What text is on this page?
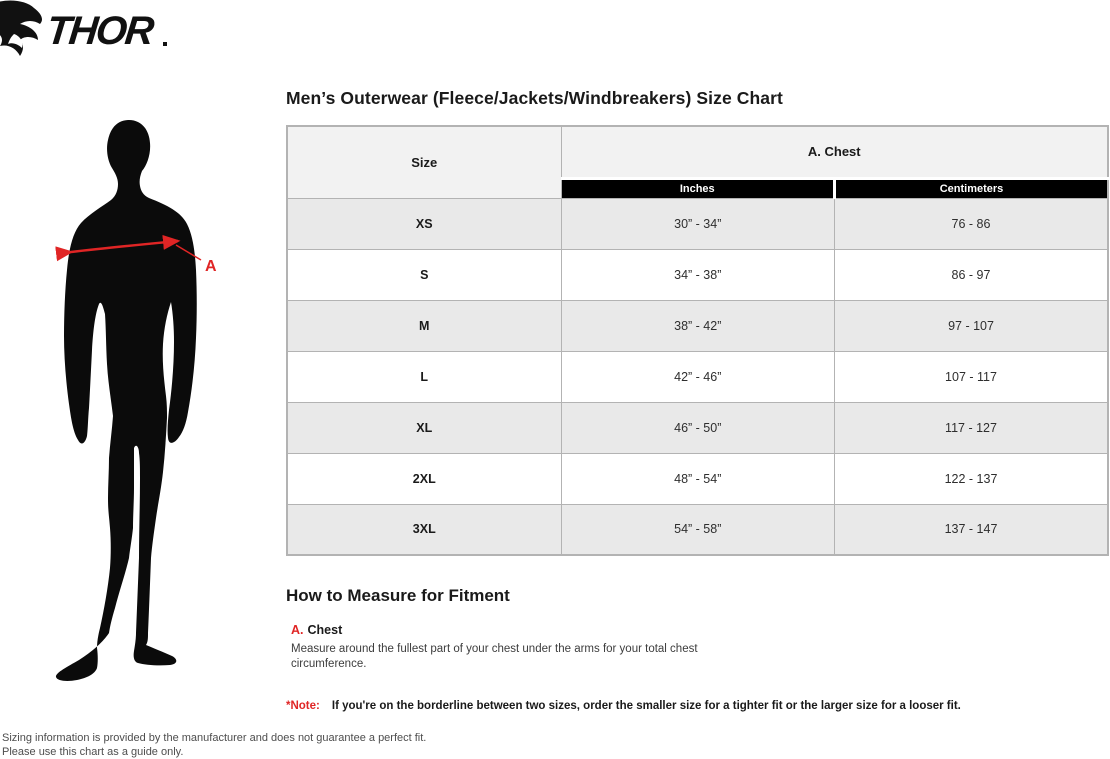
THOR
A
Men’s Outerwear (Fleece/Jackets/Windbreakers) Size Chart
Size	A. Chest	
	Inches	Centimeters
XS	30” - 34”	76 - 86
S	34” - 38”	86 - 97
M	38” - 42”	97 - 107
L	42” - 46”	107 - 117
XL	46” - 50”	117 - 127
2XL	48” - 54”	122 - 137
3XL	54” - 58”	137 - 147
How to Measure for Fitment
A. Chest
Measure around the fullest part of your chest under the arms for your total chest circumference.
*Note: If you're on the borderline between two sizes, order the smaller size for a tighter fit or the larger size for a looser fit.
Sizing information is provided by the manufacturer and does not guarantee a perfect fit.
Please use this chart as a guide only.
